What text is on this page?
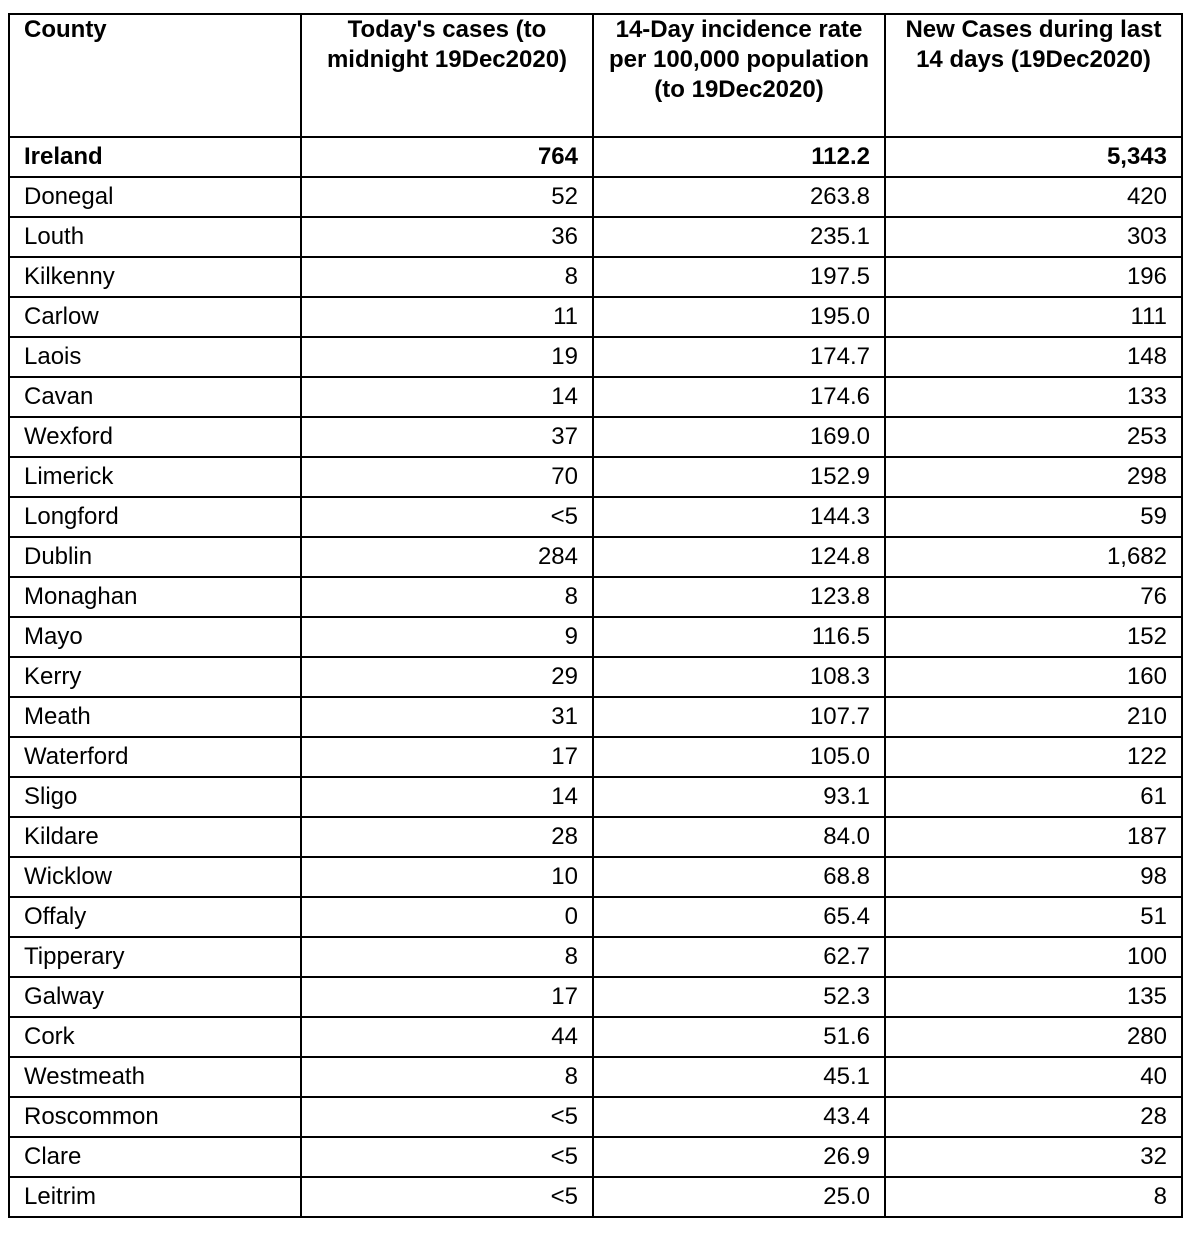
County	Today's cases (to midnight 19Dec2020)	14-Day incidence rate per 100,000 population (to 19Dec2020)	New Cases during last 14 days (19Dec2020)
Ireland	764	112.2	5,343
Donegal	52	263.8	420
Louth	36	235.1	303
Kilkenny	8	197.5	196
Carlow	11	195.0	111
Laois	19	174.7	148
Cavan	14	174.6	133
Wexford	37	169.0	253
Limerick	70	152.9	298
Longford	<5	144.3	59
Dublin	284	124.8	1,682
Monaghan	8	123.8	76
Mayo	9	116.5	152
Kerry	29	108.3	160
Meath	31	107.7	210
Waterford	17	105.0	122
Sligo	14	93.1	61
Kildare	28	84.0	187
Wicklow	10	68.8	98
Offaly	0	65.4	51
Tipperary	8	62.7	100
Galway	17	52.3	135
Cork	44	51.6	280
Westmeath	8	45.1	40
Roscommon	<5	43.4	28
Clare	<5	26.9	32
Leitrim	<5	25.0	8
